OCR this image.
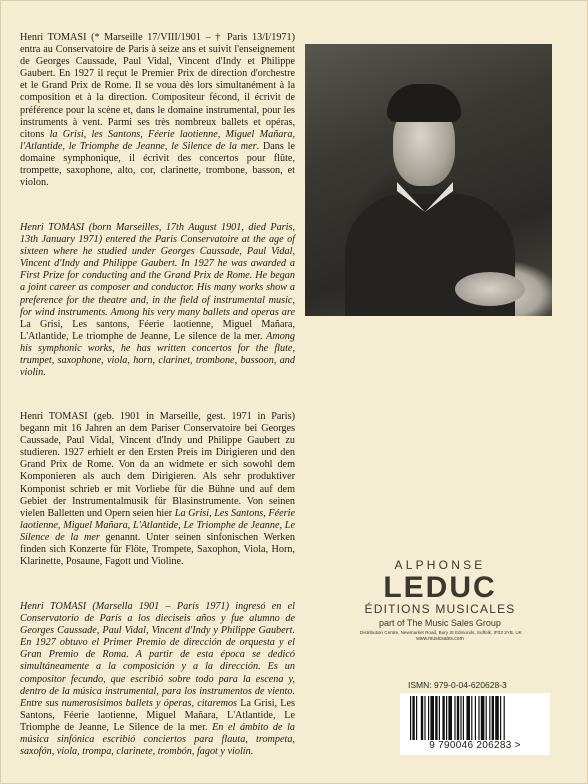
Henri TOMASI (* Marseille 17/VIII/1901 – † Paris 13/I/1971) entra au Conservatoire de Paris à seize ans et suivit l'enseignement de Georges Caussade, Paul Vidal, Vincent d'Indy et Philippe Gaubert. En 1927 il reçut le Premier Prix de direction d'orchestre et le Grand Prix de Rome. Il se voua dès lors simultanément à la composition et à la direction. Compositeur fécond, il écrivit de préférence pour la scène et, dans le domaine instrumental, pour les instruments à vent. Parmi ses très nombreux ballets et opéras, citons la Grisi, les Santons, Féerie laotienne, Miguel Mañara, l'Atlantide, le Triomphe de Jeanne, le Silence de la mer. Dans le domaine symphonique, il écrivit des concertos pour flûte, trompette, saxophone, alto, cor, clarinette, trombone, basson, et violon.

Henri TOMASI (born Marseilles, 17th August 1901, died Paris, 13th January 1971) entered the Paris Conservatoire at the age of sixteen where he studied under Georges Caussade, Paul Vidal, Vincent d'Indy and Philippe Gaubert. In 1927 he was awarded a First Prize for conducting and the Grand Prix de Rome. He began a joint career as composer and conductor. His many works show a preference for the theatre and, in the field of instrumental music, for wind instruments. Among his very many ballets and operas are La Grisi, Les santons, Féerie laotienne, Miguel Mañara, L'Atlantide, Le triomphe de Jeanne, Le silence de la mer. Among his symphonic works, he has written concertos for the flute, trumpet, saxophone, viola, horn, clarinet, trombone, bassoon, and violin.

Henri TOMASI (geb. 1901 in Marseille, gest. 1971 in Paris) begann mit 16 Jahren an dem Pariser Conservatoire bei Georges Caussade, Paul Vidal, Vincent d'Indy und Philippe Gaubert zu studieren. 1927 erhielt er den Ersten Preis im Dirigieren und den Grand Prix de Rome. Von da an widmete er sich sowohl dem Komponieren als auch dem Dirigieren. Als sehr produktiver Komponist schrieb er mit Vorliebe für die Bühne und auf dem Gebiet der Instrumentalmusik für Blasinstrumente. Von seinen vielen Balletten und Opern seien hier La Grisi, Les Santons, Féerie laotienne, Miguel Mañara, L'Atlantide, Le Triomphe de Jeanne, Le Silence de la mer genannt. Unter seinen sinfonischen Werken finden sich Konzerte für Flöte, Trompete, Saxophon, Viola, Horn, Klarinette, Posaune, Fagott und Violine.

Henri TOMASI (Marsella 1901 – París 1971) ingresó en el Conservatorio de París a los dieciseis años y fue alumno de Georges Caussade, Paul Vidal, Vincent d'Indy y Philippe Gaubert. En 1927 obtuvo el Primer Premio de dirección de orquesta y el Gran Premio de Roma. A partir de esta época se dedicó simultáneamente a la composición y a la dirección. Es un compositor fecundo, que escribió sobre todo para la escena y, dentro de la música instrumental, para los instrumentos de viento. Entre sus numerosísimos ballets y óperas, citaremos La Grisi, Les Santons, Féerie laotienne, Miguel Mañara, L'Atlantide, Le Triomphe de Jeanne, Le Silence de la mer. En el ámbito de la música sinfónica escribió conciertos para flauta, trompeta, saxofón, viola, trompa, clarinete, trombón, fagot y violín.

ALPHONSE
LEDUC
ÉDITIONS MUSICALES
part of The Music Sales Group
Distribution Centre, Newmarket Road, Bury St Edmunds, Suffolk, IP33 3YB, UK
www.musicsales.com
ISMN: 979-0-04-620628-3
9 790046 206283 >
